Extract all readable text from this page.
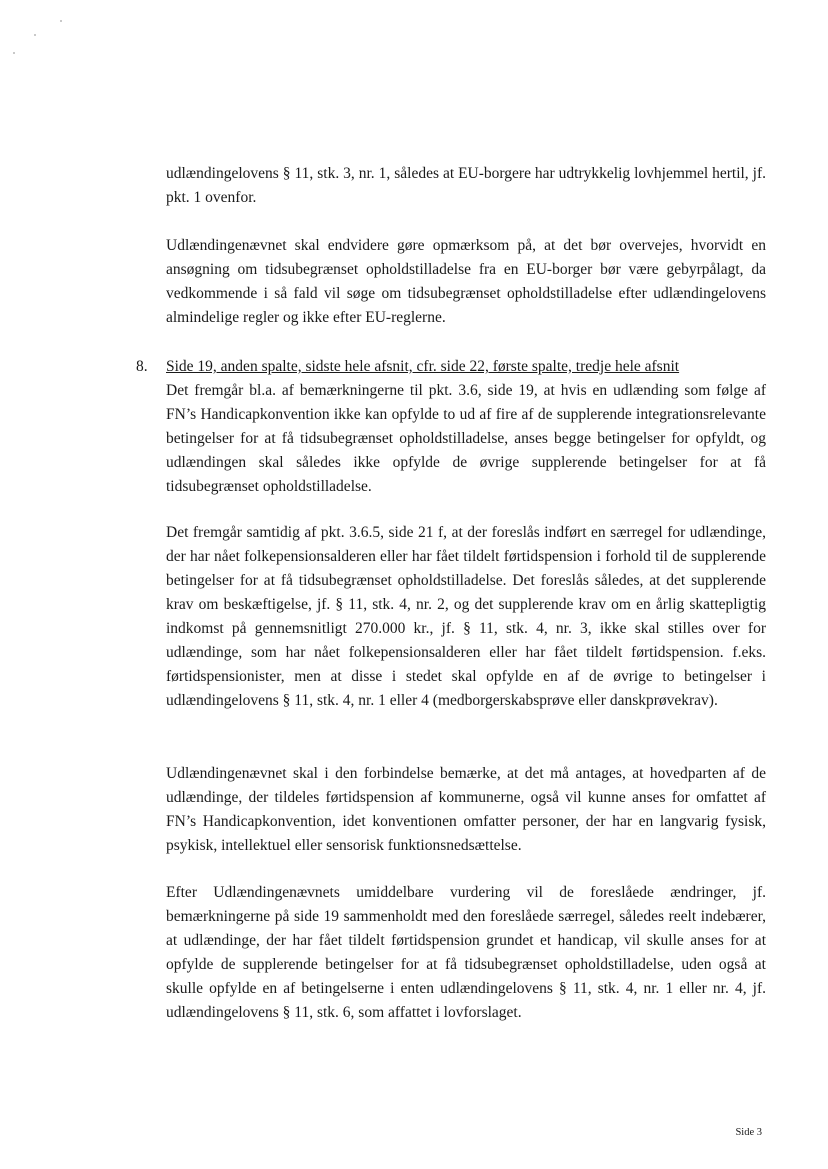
udlændingelovens § 11, stk. 3, nr. 1, således at EU-borgere har udtrykkelig lovhjemmel hertil, jf. pkt. 1 ovenfor.

Udlændingenævnet skal endvidere gøre opmærksom på, at det bør overvejes, hvorvidt en ansøgning om tidsubegrænset opholdstilladelse fra en EU-borger bør være gebyrpålagt, da vedkommende i så fald vil søge om tidsubegrænset opholdstilladelse efter udlændingelovens almindelige regler og ikke efter EU-reglerne.

8. Side 19, anden spalte, sidste hele afsnit, cfr. side 22, første spalte, tredje hele afsnit

Det fremgår bl.a. af bemærkningerne til pkt. 3.6, side 19, at hvis en udlænding som følge af FN’s Handicapkonvention ikke kan opfylde to ud af fire af de supplerende integrationsrelevante betingelser for at få tidsubegrænset opholdstilladelse, anses begge betingelser for opfyldt, og udlændingen skal således ikke opfylde de øvrige supplerende betingelser for at få tidsubegrænset opholdstilladelse.

Det fremgår samtidig af pkt. 3.6.5, side 21 f, at der foreslås indført en særregel for udlændinge, der har nået folkepensionsalderen eller har fået tildelt førtidspension i forhold til de supplerende betingelser for at få tidsubegrænset opholdstilladelse. Det foreslås således, at det supplerende krav om beskæftigelse, jf. § 11, stk. 4, nr. 2, og det supplerende krav om en årlig skattepligtig indkomst på gennemsnitligt 270.000 kr., jf. § 11, stk. 4, nr. 3, ikke skal stilles over for udlændinge, som har nået folkepensionsalderen eller har fået tildelt førtidspension. f.eks. førtidspensionister, men at disse i stedet skal opfylde en af de øvrige to betingelser i udlændingelovens § 11, stk. 4, nr. 1 eller 4 (medborgerskabsprøve eller danskprøvekrav).

Udlændingenævnet skal i den forbindelse bemærke, at det må antages, at hovedparten af de udlændinge, der tildeles førtidspension af kommunerne, også vil kunne anses for omfattet af FN’s Handicapkonvention, idet konventionen omfatter personer, der har en langvarig fysisk, psykisk, intellektuel eller sensorisk funktionsnedsættelse.

Efter Udlændingenævnets umiddelbare vurdering vil de foreslåede ændringer, jf. bemærkningerne på side 19 sammenholdt med den foreslåede særregel, således reelt indebærer, at udlændinge, der har fået tildelt førtidspension grundet et handicap, vil skulle anses for at opfylde de supplerende betingelser for at få tidsubegrænset opholdstilladelse, uden også at skulle opfylde en af betingelserne i enten udlændingelovens § 11, stk. 4, nr. 1 eller nr. 4, jf. udlændingelovens § 11, stk. 6, som affattet i lovforslaget.

Side 3
